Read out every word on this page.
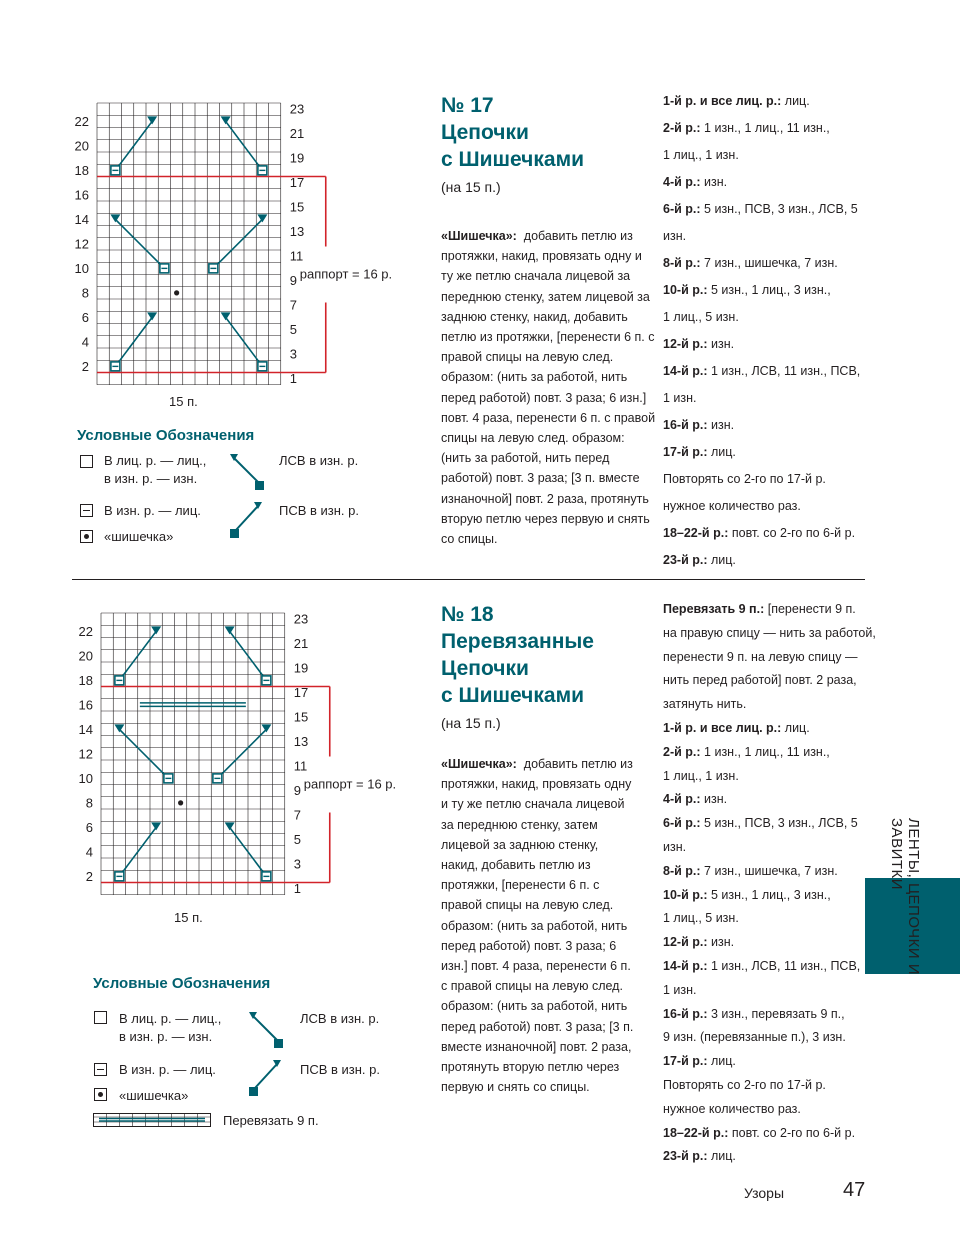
раппорт = 16 р.
22
20
18
16
14
12
10
8
6
4
2
23
21
19
17
15
13
11
9
7
5
3
1
15 п.
Условные Обозначения
В лиц. р. — лиц.,
в изн. р. — изн.
В изн. р. — лиц.
«шишечка»
ЛСВ в изн. р.
ПСВ в изн. р.
№ 17
Цепочки
с Шишечками
(на 15 п.)
«Шишечка»: добавить петлю из протяжки, накид, провязать одну и ту же петлю сначала лицевой за переднюю стенку, затем лицевой за заднюю стенку, накид, добавить петлю из протяжки, [перенести 6 п. с правой спицы на левую след. образом: (нить за работой, нить перед работой) повт. 3 раза; 6 изн.] повт. 4 раза, перенести 6 п. с правой спицы на левую след. образом: (нить за работой, нить перед работой) повт. 3 раза; [3 п. вместе изнаночной] повт. 2 раза, протянуть вторую петлю через первую и снять со спицы.

1-й р. и все лиц. р.: лиц.

2-й р.: 1 изн., 1 лиц., 11 изн.,

1 лиц., 1 изн.

4-й р.: изн.

6-й р.: 5 изн., ПСВ, 3 изн., ЛСВ, 5 изн.

8-й р.: 7 изн., шишечка, 7 изн.

10-й р.: 5 изн., 1 лиц., 3 изн.,

1 лиц., 5 изн.

12-й р.: изн.

14-й р.: 1 изн., ЛСВ, 11 изн., ПСВ,

1 изн.

16-й р.: изн.

17-й р.: лиц.

Повторять со 2-го по 17-й р.

нужное количество раз.

18–22-й р.: повт. со 2-го по 6-й р.

23-й р.: лиц.

раппорт = 16 р.
22
20
18
16
14
12
10
8
6
4
2
23
21
19
17
15
13
11
9
7
5
3
1
15 п.
Условные Обозначения
В лиц. р. — лиц.,
в изн. р. — изн.
В изн. р. — лиц.
«шишечка»
Перевязать 9 п.
ЛСВ в изн. р.
ПСВ в изн. р.
№ 18
Перевязанные
Цепочки
с Шишечками
(на 15 п.)
«Шишечка»: добавить петлю из протяжки, накид, провязать одну и ту же петлю сначала лицевой за переднюю стенку, затем лицевой за заднюю стенку, накид, добавить петлю из протяжки, [перенести 6 п. с правой спицы на левую след. образом: (нить за работой, нить перед работой) повт. 3 раза; 6 изн.] повт. 4 раза, перенести 6 п. с правой спицы на левую след. образом: (нить за работой, нить перед работой) повт. 3 раза; [3 п. вместе изнаночной] повт. 2 раза, протянуть вторую петлю через первую и снять со спицы.

Перевязать 9 п.: [перенести 9 п.

на правую спицу — нить за работой,

перенести 9 п. на левую спицу —

нить перед работой] повт. 2 раза,

затянуть нить.

1-й р. и все лиц. р.: лиц.

2-й р.: 1 изн., 1 лиц., 11 изн.,

1 лиц., 1 изн.

4-й р.: изн.

6-й р.: 5 изн., ПСВ, 3 изн., ЛСВ, 5 изн.

8-й р.: 7 изн., шишечка, 7 изн.

10-й р.: 5 изн., 1 лиц., 3 изн.,

1 лиц., 5 изн.

12-й р.: изн.

14-й р.: 1 изн., ЛСВ, 11 изн., ПСВ,

1 изн.

16-й р.: 3 изн., перевязать 9 п.,

9 изн. (перевязанные п.), 3 изн.

17-й р.: лиц.

Повторять со 2-го по 17-й р.

нужное количество раз.

18–22-й р.: повт. со 2-го по 6-й р.

23-й р.: лиц.

ЛЕНТЫ, ЦЕПОЧКИ И ЗАВИТКИ
Узоры	47
